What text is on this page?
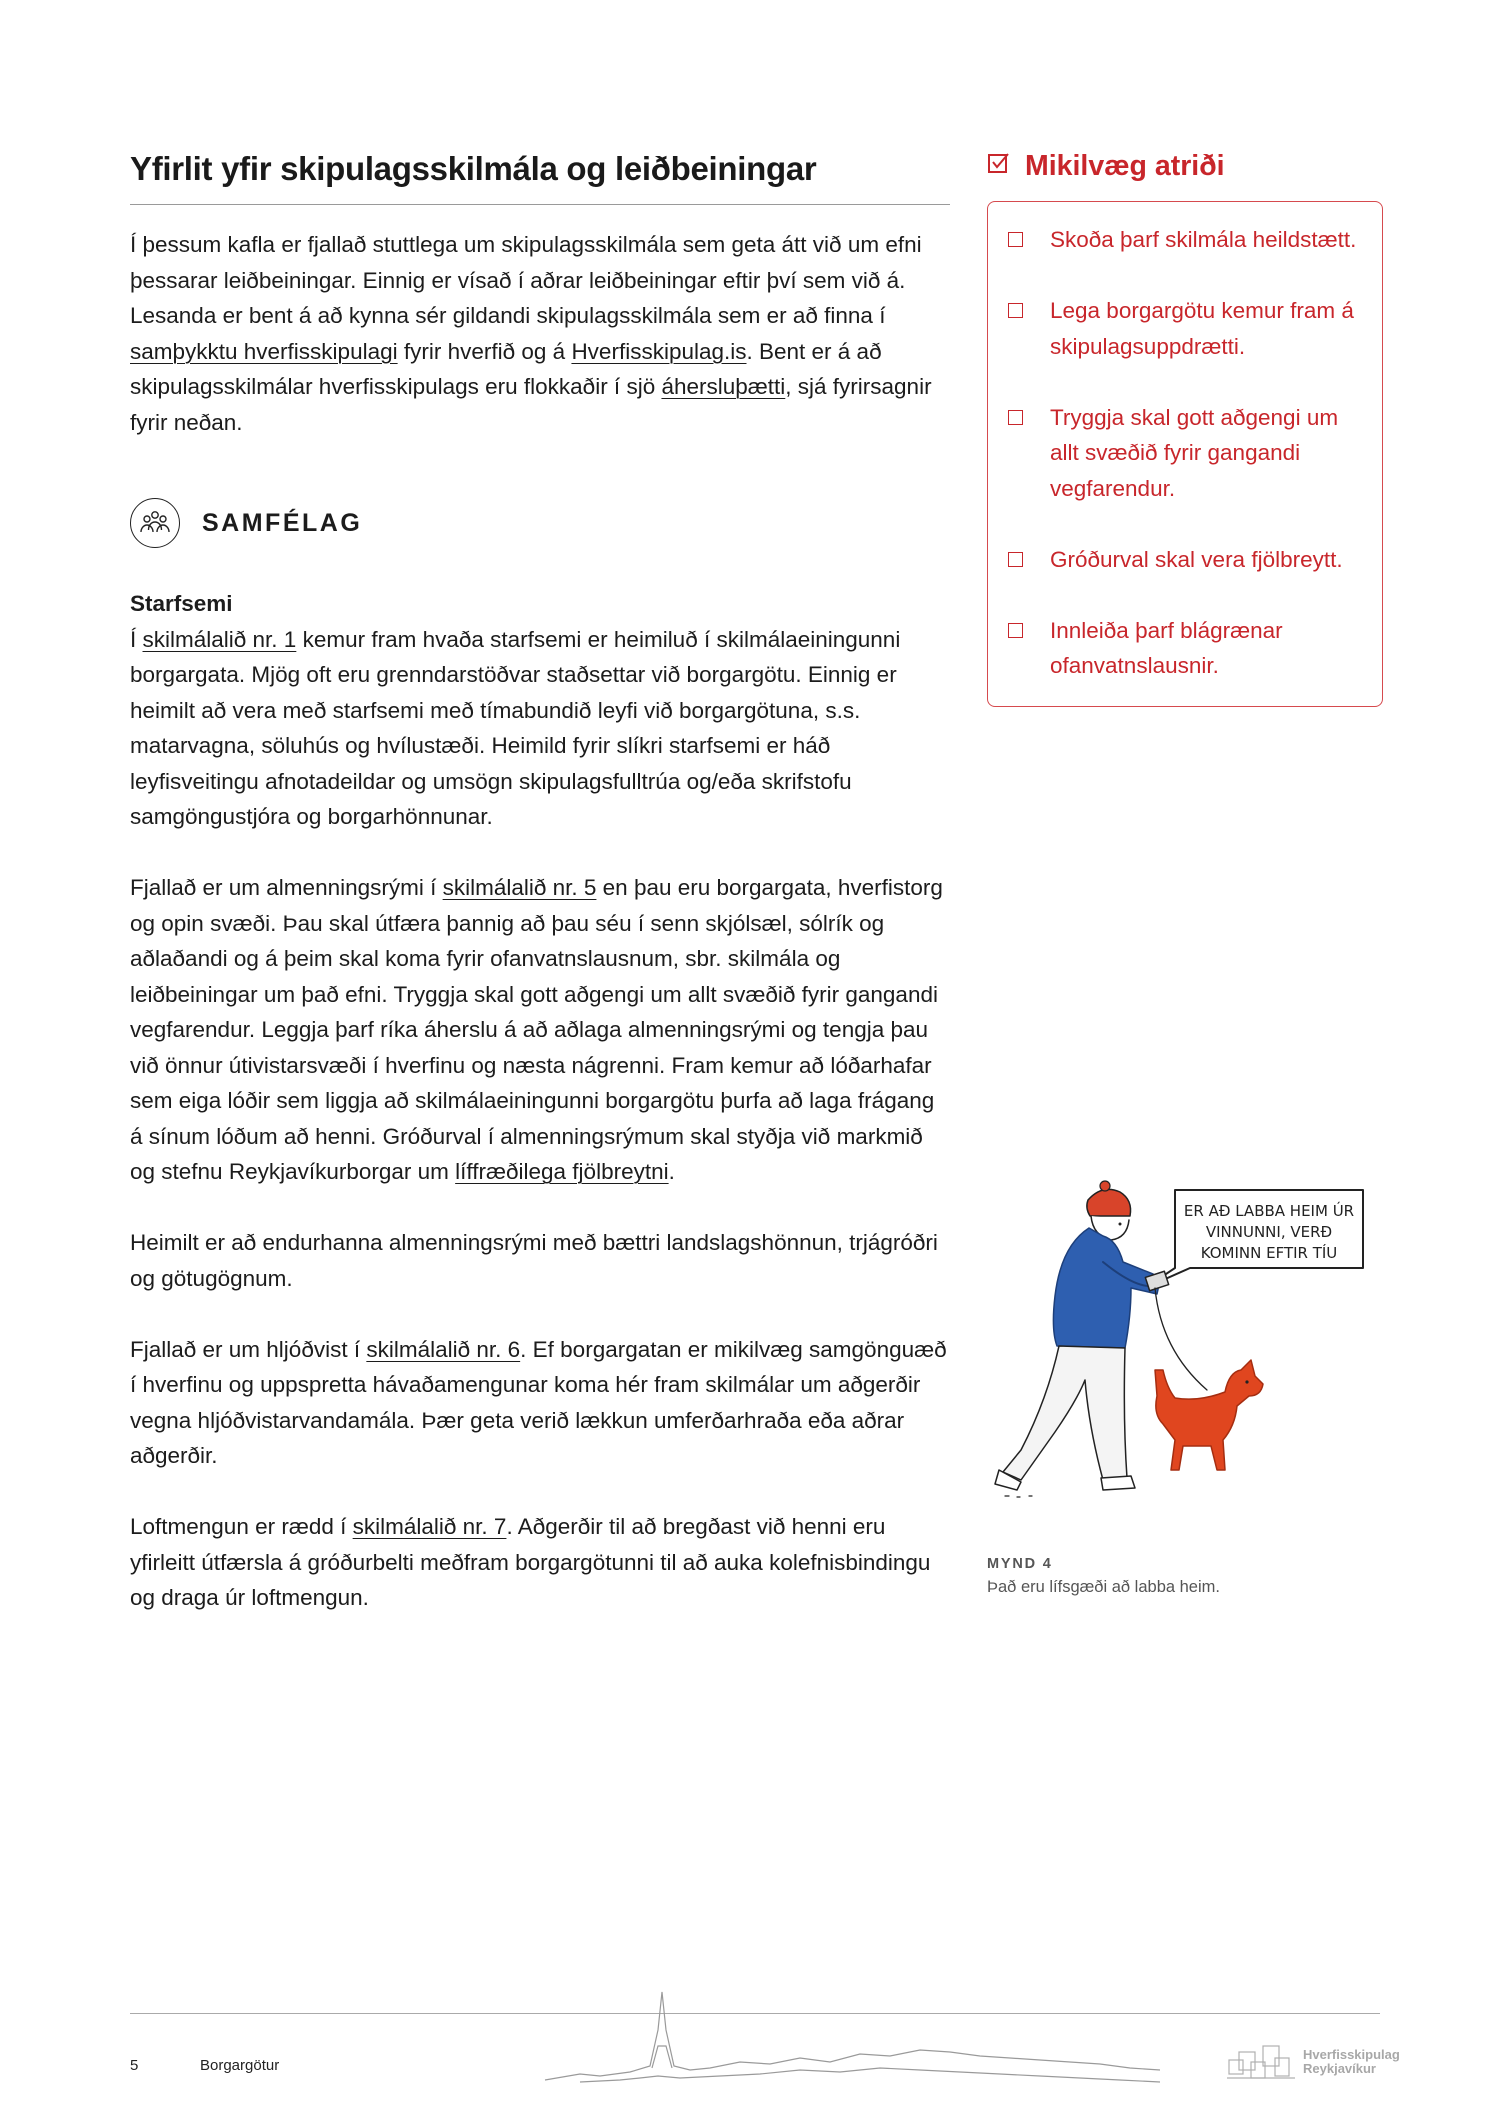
Yfirlit yfir skipulagsskilmála og leiðbeiningar

Í þessum kafla er fjallað stuttlega um skipulagsskilmála sem geta átt við um efni þessarar leiðbeiningar. Einnig er vísað í aðrar leiðbeiningar eftir því sem við á. Lesanda er bent á að kynna sér gildandi skipulagsskilmála sem er að finna í samþykktu hverfisskipulagi fyrir hverfið og á Hverfisskipulag.is. Bent er á að skipulagsskilmálar hverfisskipulags eru flokkaðir í sjö áhersluþætti, sjá fyrirsagnir fyrir neðan.

SAMFÉLAG
Starfsemi

Í skilmálalið nr. 1 kemur fram hvaða starfsemi er heimiluð í skilmálaeiningunni borgargata. Mjög oft eru grenndarstöðvar staðsettar við borgargötu. Einnig er heimilt að vera með starfsemi með tímabundið leyfi við borgargötuna, s.s. matarvagna, söluhús og hvílustæði. Heimild fyrir slíkri starfsemi er háð leyfisveitingu afnotadeildar og umsögn skipulagsfulltrúa og/eða skrifstofu samgöngustjóra og borgarhönnunar.

Fjallað er um almenningsrými í skilmálalið nr. 5 en þau eru borgargata, hverfistorg og opin svæði. Þau skal útfæra þannig að þau séu í senn skjólsæl, sólrík og aðlaðandi og á þeim skal koma fyrir ofanvatnslausnum, sbr. skilmála og leiðbeiningar um það efni. Tryggja skal gott aðgengi um allt svæðið fyrir gangandi vegfarendur. Leggja þarf ríka áherslu á að aðlaga almenningsrými og tengja þau við önnur útivistarsvæði í hverfinu og næsta nágrenni. Fram kemur að lóðarhafar sem eiga lóðir sem liggja að skilmálaeiningunni borgargötu þurfa að laga frágang á sínum lóðum að henni. Gróðurval í almenningsrýmum skal styðja við markmið og stefnu Reykjavíkurborgar um líffræðilega fjölbreytni.

Heimilt er að endurhanna almenningsrými með bættri landslagshönnun, trjágróðri og götugögnum.

Fjallað er um hljóðvist í skilmálalið nr. 6. Ef borgargatan er mikilvæg samgönguæð í hverfinu og uppspretta hávaðamengunar koma hér fram skilmálar um aðgerðir vegna hljóðvistarvandamála. Þær geta verið lækkun umferðarhraða eða aðrar aðgerðir.

Loftmengun er rædd í skilmálalið nr. 7. Aðgerðir til að bregðast við henni eru yfirleitt útfærsla á gróðurbelti meðfram borgargötunni til að auka kolefnisbindingu og draga úr loftmengun.

Mikilvæg atriði
Skoða þarf skilmála heildstætt.
Lega borgargötu kemur fram á skipulagsuppdrætti.
Tryggja skal gott aðgengi um allt svæðið fyrir gangandi vegfarendur.
Gróðurval skal vera fjölbreytt.
Innleiða þarf blágrænar ofanvatnslausnir.
ER AÐ LABBA HEIM ÚR
VINNUNNI, VERÐ
KOMINN EFTIR TÍU
MYND 4
Það eru lífsgæði að labba heim.
5	Borgargötur
Hverfisskipulag
Reykjavíkur
